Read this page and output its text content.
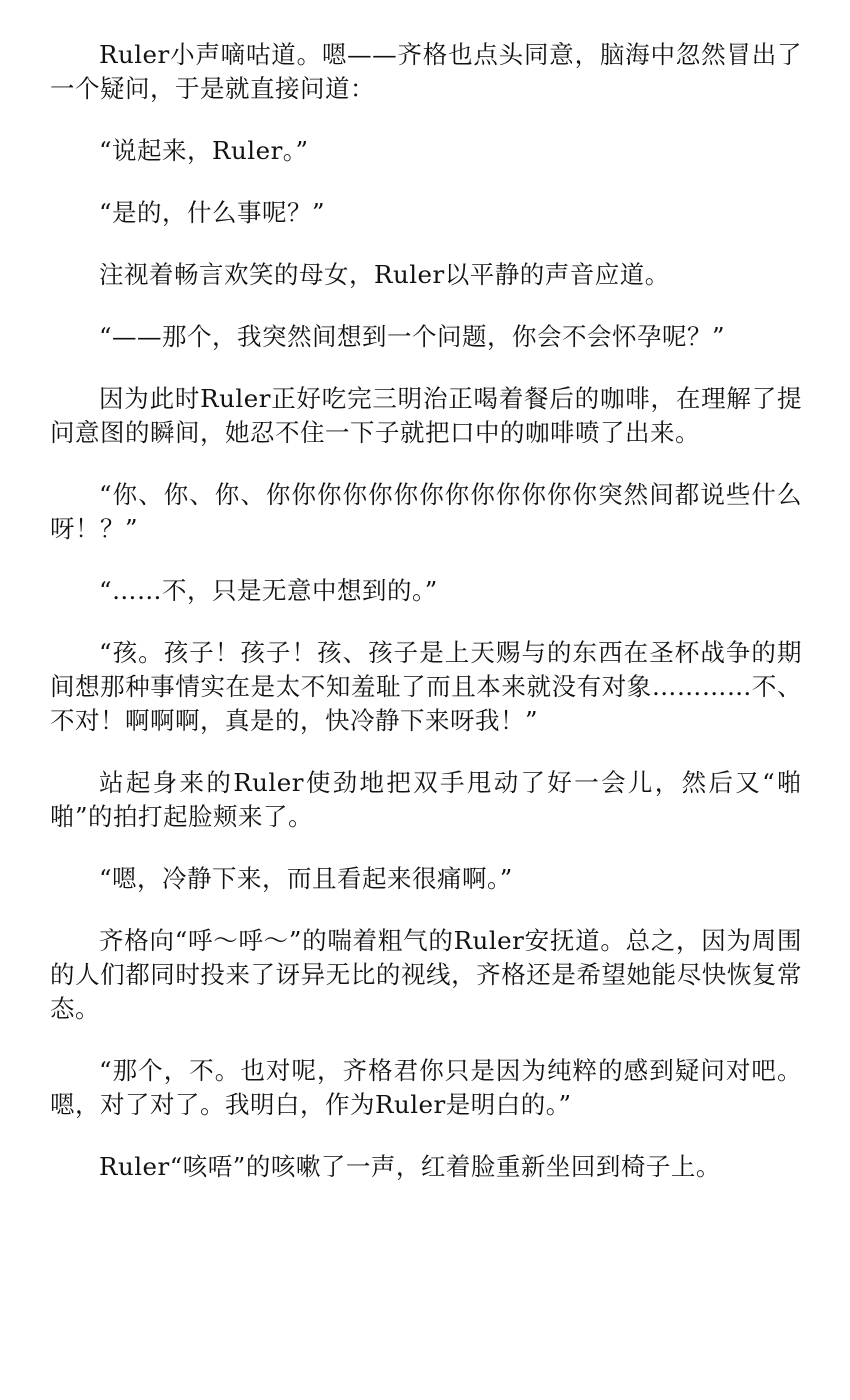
Ruler小声嘀咕道。嗯——齐格也点头同意，脑海中忽然冒出了一个疑问，于是就直接问道：

“说起来，Ruler。”

“是的，什么事呢？”

注视着畅言欢笑的母女，Ruler以平静的声音应道。

“——那个，我突然间想到一个问题，你会不会怀孕呢？”

因为此时Ruler正好吃完三明治正喝着餐后的咖啡，在理解了提问意图的瞬间，她忍不住一下子就把口中的咖啡喷了出来。

“你、你、你、你你你你你你你你你你你你你突然间都说些什么呀！？”

“……不，只是无意中想到的。”

“孩。孩子！孩子！孩、孩子是上天赐与的东西在圣杯战争的期间想那种事情实在是太不知羞耻了而且本来就没有对象…………不、不对！啊啊啊，真是的，快冷静下来呀我！”

站起身来的Ruler使劲地把双手甩动了好一会儿，然后又“啪啪”的拍打起脸颊来了。

“嗯，冷静下来，而且看起来很痛啊。”

齐格向“呼～呼～”的喘着粗气的Ruler安抚道。总之，因为周围的人们都同时投来了讶异无比的视线，齐格还是希望她能尽快恢复常态。

“那个，不。也对呢，齐格君你只是因为纯粹的感到疑问对吧。嗯，对了对了。我明白，作为Ruler是明白的。”

Ruler“咳唔”的咳嗽了一声，红着脸重新坐回到椅子上。
